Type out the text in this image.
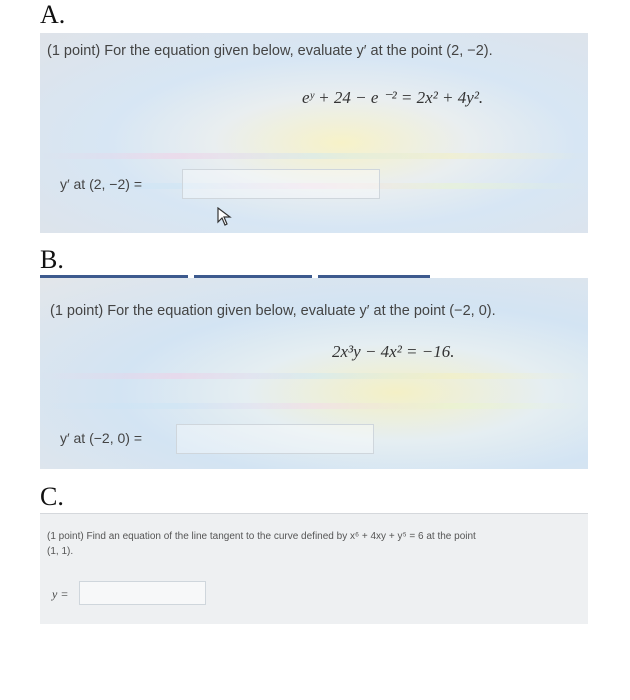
A.
(1 point) For the equation given below, evaluate y′ at the point (2, −2).
eʸ + 24 − e ⁻² = 2x² + 4y².
y′ at (2, −2) =
B.
(1 point) For the equation given below, evaluate y′ at the point (−2, 0).
2x³y − 4x² = −16.
y′ at (−2, 0) =
C.
(1 point) Find an equation of the line tangent to the curve defined by x⁶ + 4xy + y⁵ = 6 at the point
(1, 1).
y =
